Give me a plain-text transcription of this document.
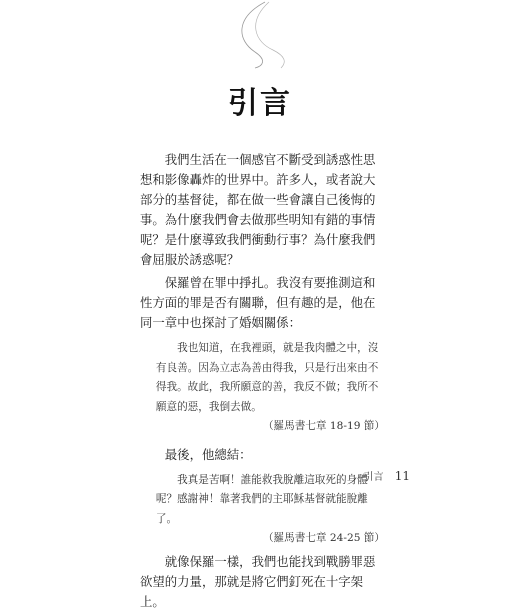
引言

我們生活在一個感官不斷受到誘惑性思想和影像轟炸的世界中。許多人，或者說大部分的基督徒，都在做一些會讓自己後悔的事。為什麼我們會去做那些明知有錯的事情呢？是什麼導致我們衝動行事？為什麼我們會屈服於誘惑呢？

保羅曾在罪中掙扎。我沒有要推測這和性方面的罪是否有關聯，但有趣的是，他在同一章中也探討了婚姻關係：

我也知道，在我裡頭，就是我肉體之中，沒有良善。因為立志為善由得我，只是行出來由不得我。故此，我所願意的善，我反不做；我所不願意的惡，我倒去做。

（羅馬書七章 18-19 節）

最後，他總結：

我真是苦啊！誰能救我脫離這取死的身體呢？感謝神！靠著我們的主耶穌基督就能脫離了。

（羅馬書七章 24-25 節）

就像保羅一樣，我們也能找到戰勝罪惡欲望的力量，那就是將它們釘死在十字架上。

引言 11
